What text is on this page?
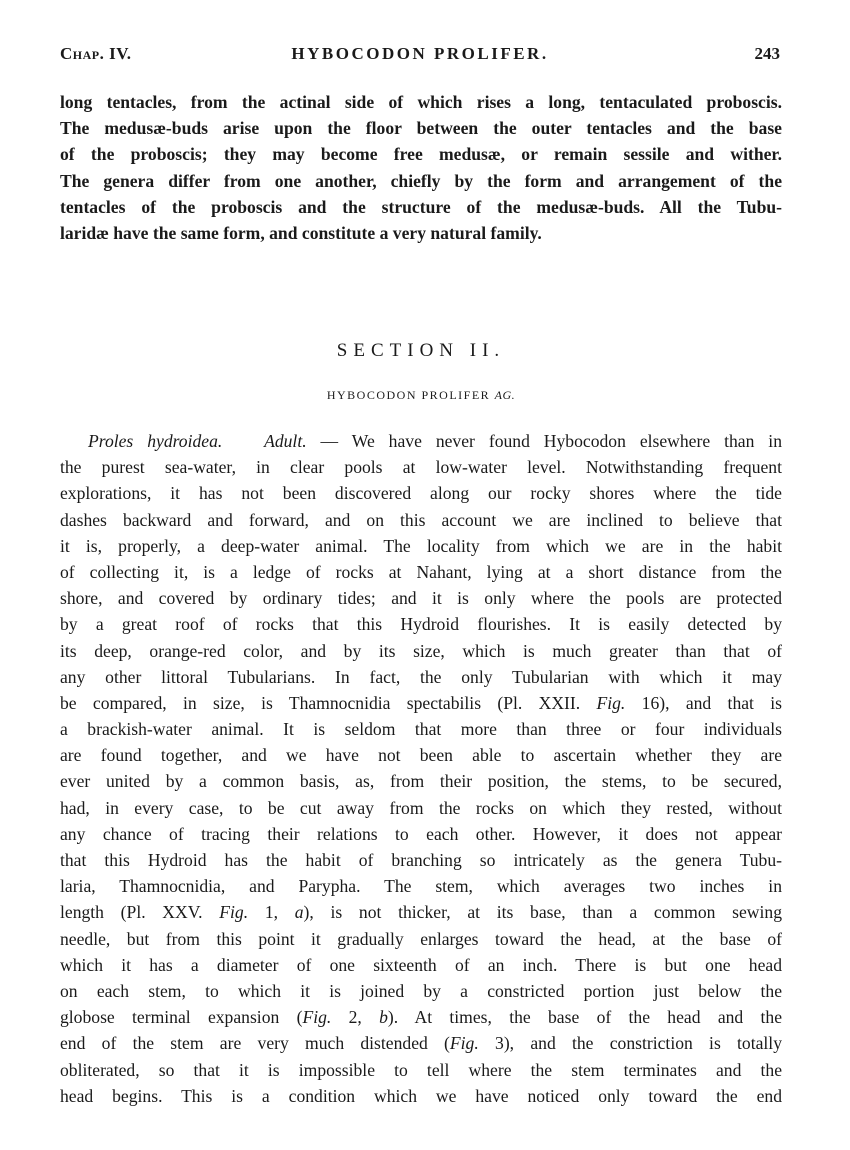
Chap. IV.	HYBOCODON PROLIFER.	243
long tentacles, from the actinal side of which rises a long, tentaculated proboscis.
The medusæ-buds arise upon the floor between the outer tentacles and the base
of the proboscis; they may become free medusæ, or remain sessile and wither.
The genera differ from one another, chiefly by the form and arrangement of the
tentacles of the proboscis and the structure of the medusæ-buds. All the Tubu-
laridæ have the same form, and constitute a very natural family.
SECTION II.
HYBOCODON PROLIFER AG.
Proles hydroidea. Adult. — We have never found Hybocodon elsewhere than in
the purest sea-water, in clear pools at low-water level. Notwithstanding frequent
explorations, it has not been discovered along our rocky shores where the tide
dashes backward and forward, and on this account we are inclined to believe that
it is, properly, a deep-water animal. The locality from which we are in the habit
of collecting it, is a ledge of rocks at Nahant, lying at a short distance from the
shore, and covered by ordinary tides; and it is only where the pools are protected
by a great roof of rocks that this Hydroid flourishes. It is easily detected by
its deep, orange-red color, and by its size, which is much greater than that of
any other littoral Tubularians. In fact, the only Tubularian with which it may
be compared, in size, is Thamnocnidia spectabilis (Pl. XXII. Fig. 16), and that is
a brackish-water animal. It is seldom that more than three or four individuals
are found together, and we have not been able to ascertain whether they are
ever united by a common basis, as, from their position, the stems, to be secured,
had, in every case, to be cut away from the rocks on which they rested, without
any chance of tracing their relations to each other. However, it does not appear
that this Hydroid has the habit of branching so intricately as the genera Tubu-
laria, Thamnocnidia, and Parypha. The stem, which averages two inches in
length (Pl. XXV. Fig. 1, a), is not thicker, at its base, than a common sewing
needle, but from this point it gradually enlarges toward the head, at the base of
which it has a diameter of one sixteenth of an inch. There is but one head
on each stem, to which it is joined by a constricted portion just below the
globose terminal expansion (Fig. 2, b). At times, the base of the head and the
end of the stem are very much distended (Fig. 3), and the constriction is totally
obliterated, so that it is impossible to tell where the stem terminates and the
head begins. This is a condition which we have noticed only toward the end
